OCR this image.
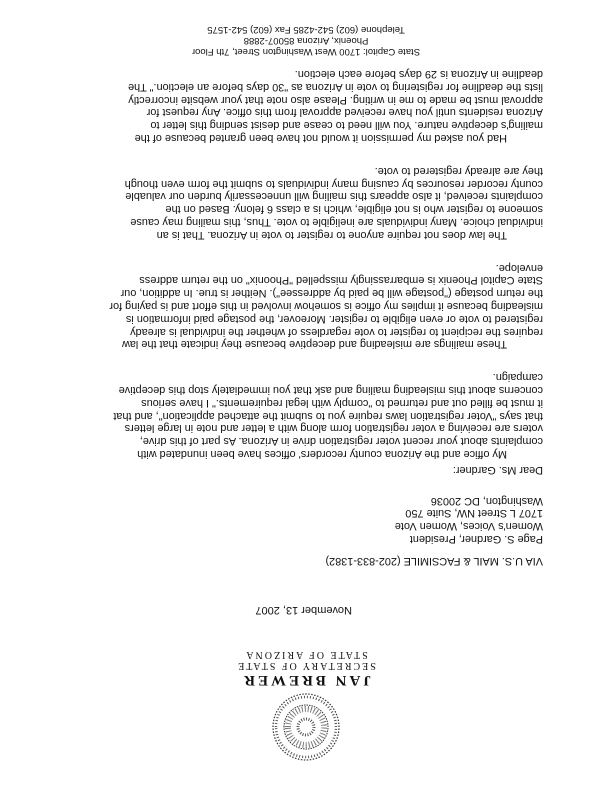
JAN BREWER
SECRETARY OF STATE
STATE OF ARIZONA
November 13, 2007
VIA U.S. MAIL & FACSIMILE (202-833-1382)
Page S. Gardner, President
Women's Voices, Women Vote
1707 L Street NW, Suite 750
Washington, DC 20036
Dear Ms. Gardner:
My office and the Arizona county recorders' offices have been inundated with
complaints about your recent voter registration drive in Arizona. As part of this drive,
voters are receiving a voter registration form along with a letter and note in large letters
that says "Voter registration laws require you to submit the attached application", and that
it must be filled out and returned to "comply with legal requirements." I have serious
concerns about this misleading mailing and ask that you immediately stop this deceptive
campaign.
These mailings are misleading and deceptive because they indicate that the law
requires the recipient to register to vote regardless of whether the individual is already
registered to vote or even eligible to register. Moreover, the postage paid information is
misleading because it implies my office is somehow involved in this effort and is paying for
the return postage ("postage will be paid by addressee"). Neither is true. In addition, our
State Capitol Phoenix is embarrassingly misspelled "Phoonix" on the return address
envelope.
The law does not require anyone to register to vote in Arizona. That is an
individual choice. Many individuals are ineligible to vote. Thus, this mailing may cause
someone to register who is not eligible, which is a class 6 felony. Based on the
complaints received, it also appears this mailing will unnecessarily burden our valuable
county recorder resources by causing many individuals to submit the form even though
they are already registered to vote.
Had you asked my permission it would not have been granted because of the
mailing's deceptive nature. You will need to cease and desist sending this letter to
Arizona residents until you have received approval from this office. Any request for
approval must be made to me in writing. Please also note that your website incorrectly
lists the deadline for registering to vote in Arizona as "30 days before an election." The
deadline in Arizona is 29 days before each election.
State Capitol: 1700 West Washington Street, 7th Floor
Phoenix, Arizona 85007-2888
Telephone (602) 542-4285 Fax (602) 542-1575
